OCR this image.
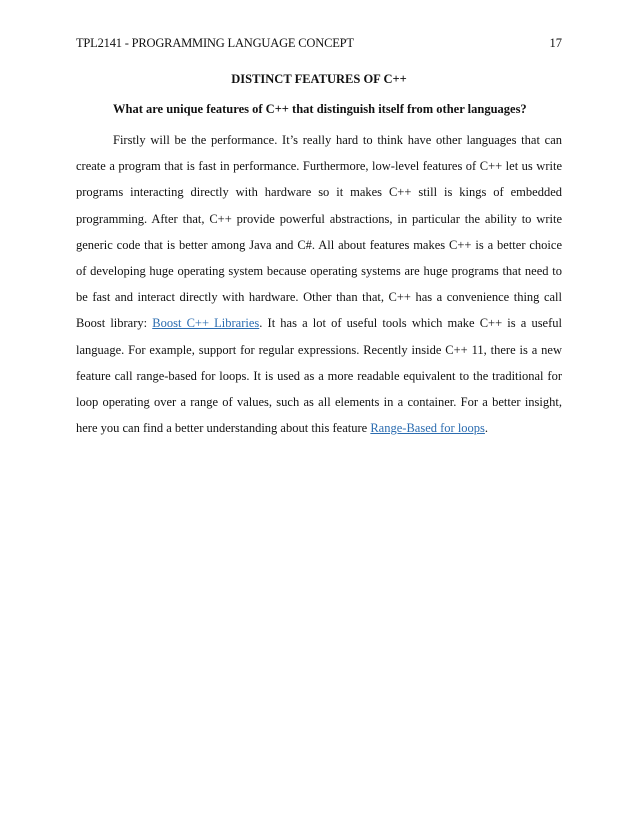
TPL2141 - PROGRAMMING LANGUAGE CONCEPT	17
DISTINCT FEATURES OF C++
What are unique features of C++ that distinguish itself from other languages?

Firstly will be the performance. It’s really hard to think have other languages that can create a program that is fast in performance. Furthermore, low-level features of C++ let us write programs interacting directly with hardware so it makes C++ still is kings of embedded programming. After that, C++ provide powerful abstractions, in particular the ability to write generic code that is better among Java and C#. All about features makes C++ is a better choice of developing huge operating system because operating systems are huge programs that need to be fast and interact directly with hardware. Other than that, C++ has a convenience thing call Boost library: Boost C++ Libraries. It has a lot of useful tools which make C++ is a useful language. For example, support for regular expressions. Recently inside C++ 11, there is a new feature call range-based for loops. It is used as a more readable equivalent to the traditional for loop operating over a range of values, such as all elements in a container. For a better insight, here you can find a better understanding about this feature Range-Based for loops.
